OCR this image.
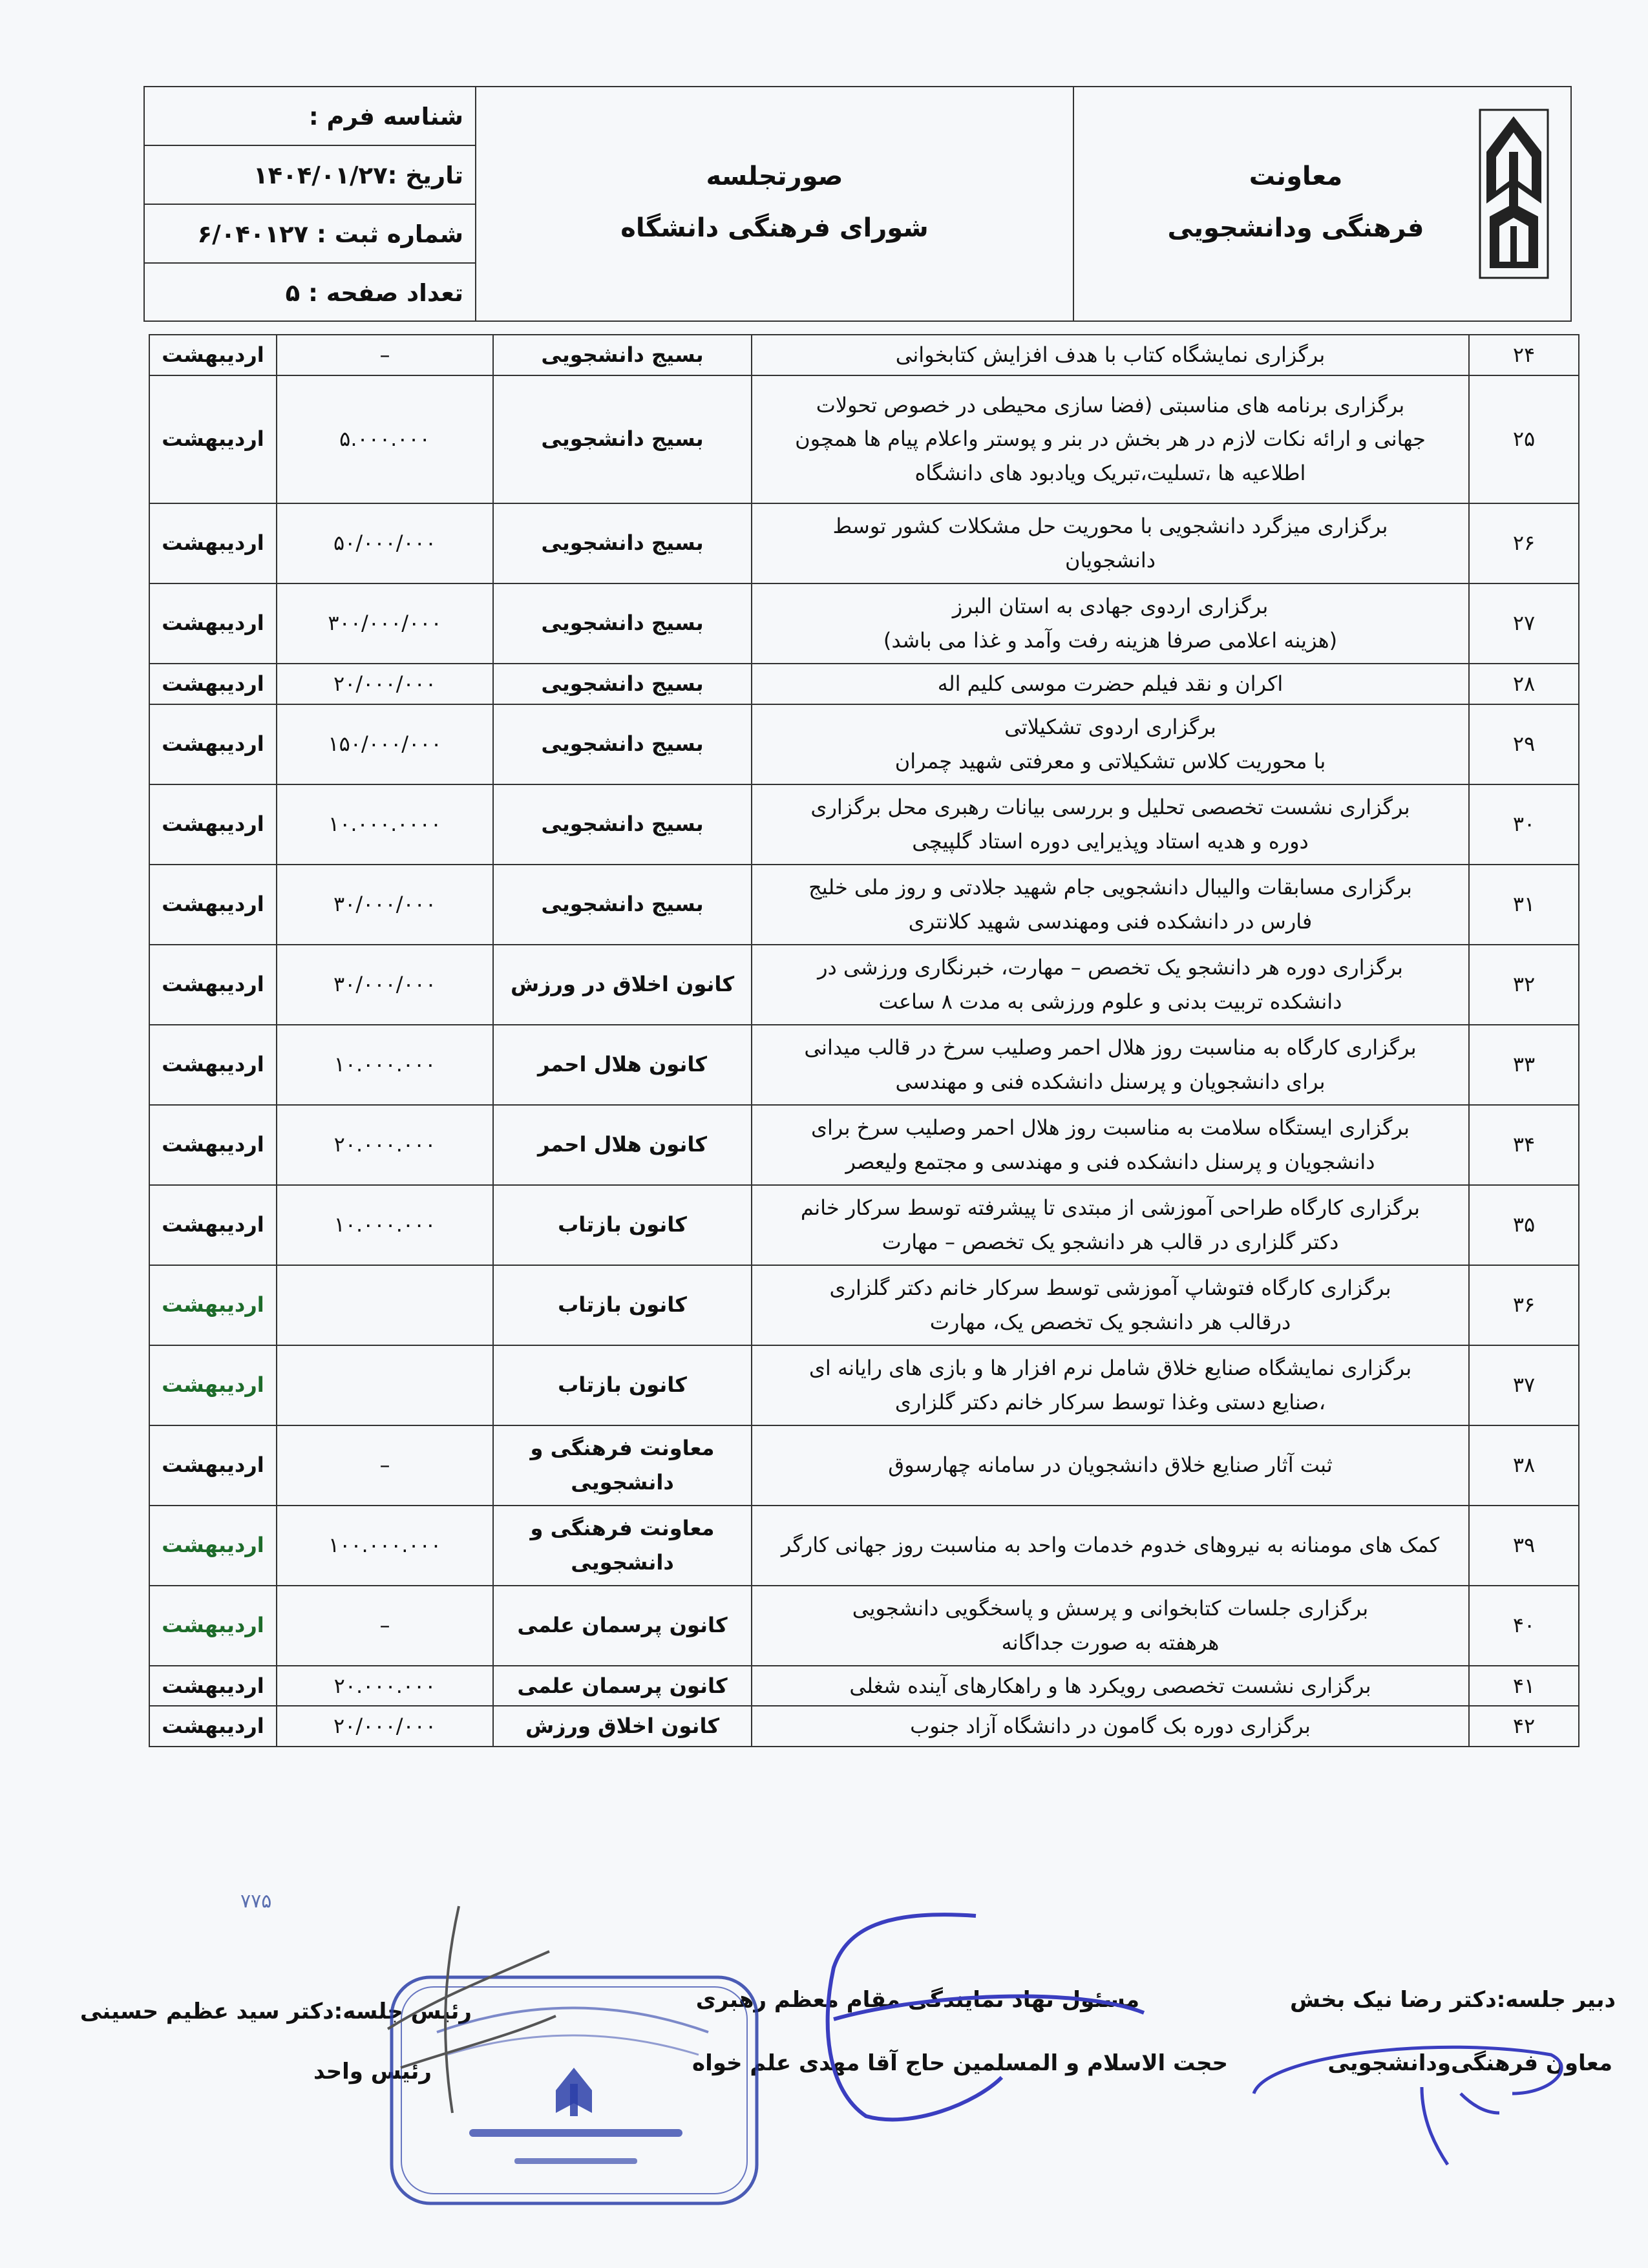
معاونت
فرهنگی ودانشجویی
صورتجلسه
شورای فرهنگی دانشگاه
شناسه فرم :
تاریخ :۱۴۰۴/۰۱/۲۷
شماره ثبت : ۶/۰۴۰۱۲۷
تعداد صفحه : ۵
۲۴	برگزاری نمایشگاه کتاب با هدف افزایش کتابخوانی	بسیج دانشجویی	–	اردیبهشت
۲۵	برگزاری برنامه های مناسبتی (فضا سازی محیطی در خصوص تحولات
جهانی و ارائه نکات لازم در هر بخش در بنر و پوستر واعلام پیام ها همچون
اطلاعیه ها ،تسلیت،تبریک ویادبود های دانشگاه	بسیج دانشجویی	۵.۰۰۰.۰۰۰	اردیبهشت
۲۶	برگزاری میزگرد دانشجویی با محوریت حل مشکلات کشور توسط
دانشجویان	بسیج دانشجویی	۵۰/۰۰۰/۰۰۰	اردیبهشت
۲۷	برگزاری اردوی جهادی به استان البرز
(هزینه اعلامی صرفا هزینه رفت وآمد و غذا می باشد)	بسیج دانشجویی	۳۰۰/۰۰۰/۰۰۰	اردیبهشت
۲۸	اکران و نقد فیلم حضرت موسی کلیم اله	بسیج دانشجویی	۲۰/۰۰۰/۰۰۰	اردیبهشت
۲۹	برگزاری اردوی تشکیلاتی
با محوریت کلاس تشکیلاتی و معرفتی شهید چمران	بسیج دانشجویی	۱۵۰/۰۰۰/۰۰۰	اردیبهشت
۳۰	برگزاری نشست تخصصی تحلیل و بررسی بیانات رهبری محل برگزاری
دوره و هدیه استاد وپذیرایی دوره استاد گلپیچی	بسیج دانشجویی	۱۰.۰۰۰.۰۰۰۰	اردیبهشت
۳۱	برگزاری مسابقات والیبال دانشجویی جام شهید جلادتی و روز ملی خلیج
فارس در دانشکده فنی ومهندسی شهید کلانتری	بسیج دانشجویی	۳۰/۰۰۰/۰۰۰	اردیبهشت
۳۲	برگزاری دوره هر دانشجو یک تخصص – مهارت، خبرنگاری ورزشی در
دانشکده تربیت بدنی و علوم ورزشی به مدت ۸ ساعت	کانون اخلاق در ورزش	۳۰/۰۰۰/۰۰۰	اردیبهشت
۳۳	برگزاری کارگاه به مناسبت روز هلال احمر وصلیب سرخ در قالب میدانی
برای دانشجویان و پرسنل دانشکده فنی و مهندسی	کانون هلال احمر	۱۰.۰۰۰.۰۰۰	اردیبهشت
۳۴	برگزاری ایستگاه سلامت به مناسبت روز هلال احمر وصلیب سرخ برای
دانشجویان و پرسنل دانشکده فنی و مهندسی و مجتمع ولیعصر	کانون هلال احمر	۲۰.۰۰۰.۰۰۰	اردیبهشت
۳۵	برگزاری کارگاه طراحی آموزشی از مبتدی تا پیشرفته توسط سرکار خانم
دکتر گلزاری در قالب هر دانشجو یک تخصص – مهارت	کانون بازتاب	۱۰.۰۰۰.۰۰۰	اردیبهشت
۳۶	برگزاری کارگاه فتوشاپ آموزشی توسط سرکار خانم دکتر گلزاری
درقالب هر دانشجو یک تخصص یک، مهارت	کانون بازتاب		اردیبهشت
۳۷	برگزاری نمایشگاه صنایع خلاق شامل نرم افزار ها و بازی های رایانه ای
،صنایع دستی وغذا توسط سرکار خانم دکتر گلزاری	کانون بازتاب		اردیبهشت
۳۸	ثبت آثار صنایع خلاق دانشجویان در سامانه چهارسوق	معاونت فرهنگی و
دانشجویی	–	اردیبهشت
۳۹	کمک های مومنانه به نیروهای خدوم خدمات واحد به مناسبت روز جهانی کارگر	معاونت فرهنگی و
دانشجویی	۱۰۰.۰۰۰.۰۰۰	اردیبهشت
۴۰	برگزاری جلسات کتابخوانی و پرسش و پاسخگویی دانشجویی
هرهفته به صورت جداگانه	کانون پرسمان علمی	–	اردیبهشت
۴۱	برگزاری نشست تخصصی رویکرد ها و راهکارهای آینده شغلی	کانون پرسمان علمی	۲۰.۰۰۰.۰۰۰	اردیبهشت
۴۲	برگزاری دوره بک گامون در دانشگاه آزاد جنوب	کانون اخلاق ورزش	۲۰/۰۰۰/۰۰۰	اردیبهشت
دبیر جلسه:دکتر رضا نیک بخش
معاون فرهنگی‌ودانشجویی
مسئول نهاد نمایندگی مقام معظم رهبری
حجت الاسلام و المسلمین حاج آقا مهدی علم خواه
رئیس جلسه:دکتر سید عظیم حسینی
رئیس واحد
۷۷۵
